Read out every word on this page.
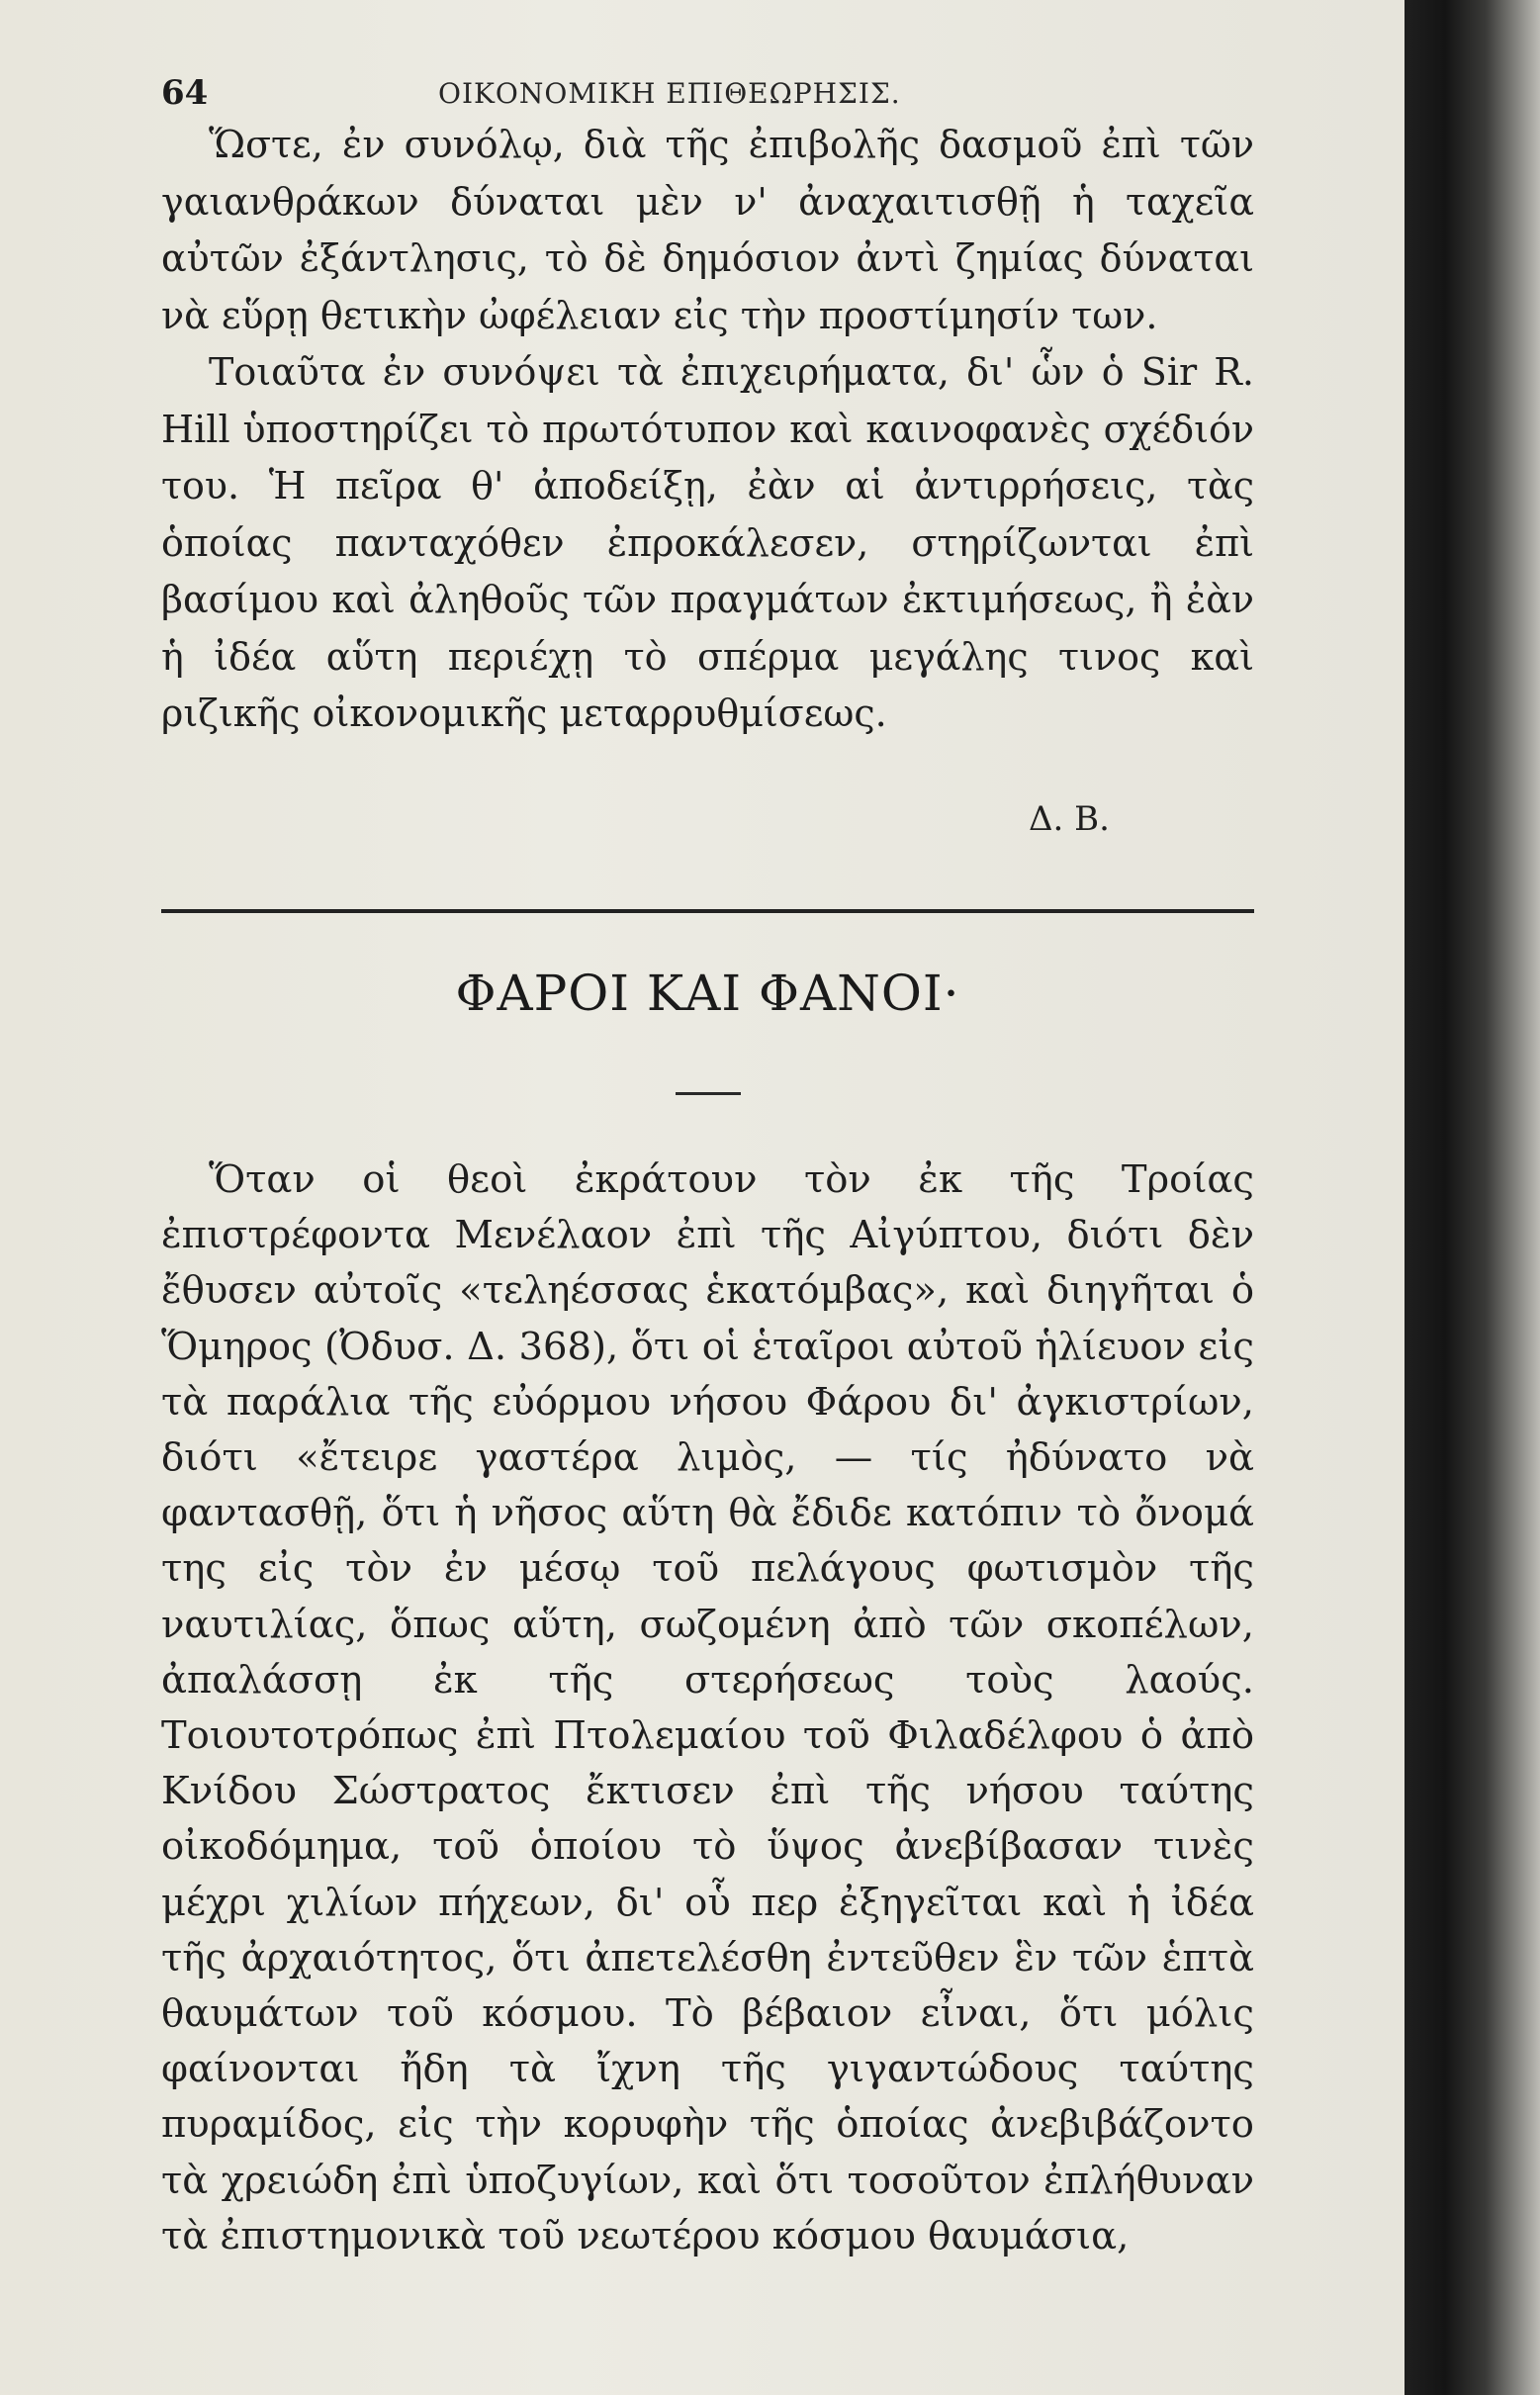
64	ΟΙΚΟΝΟΜΙΚΗ ΕΠΙΘΕΩΡΗΣΙΣ.

Ὥστε, ἐν συνόλῳ, διὰ τῆς ἐπιβολῆς δασμοῦ ἐπὶ τῶν γαιανθράκων δύναται μὲν ν' ἀναχαιτισθῇ ἡ ταχεῖα αὐτῶν ἐξάντλησις, τὸ δὲ δημόσιον ἀντὶ ζημίας δύναται νὰ εὕρῃ θετικὴν ὠφέλειαν εἰς τὴν προστίμησίν των.

Τοιαῦτα ἐν συνόψει τὰ ἐπιχειρήματα, δι' ὧν ὁ Sir R. Hill ὑποστηρίζει τὸ πρωτότυπον καὶ καινοφανὲς σχέδιόν του. Ἡ πεῖρα θ' ἀποδείξῃ, ἐὰν αἱ ἀντιρρήσεις, τὰς ὁποίας πανταχόθεν ἐπροκάλεσεν, στηρίζωνται ἐπὶ βασίμου καὶ ἀληθοῦς τῶν πραγμάτων ἐκτιμήσεως, ἢ ἐὰν ἡ ἰδέα αὕτη περιέχῃ τὸ σπέρμα μεγάλης τινος καὶ ριζικῆς οἰκονομικῆς μεταρρυθμίσεως.

Δ. Β.
ΦΑΡΟΙ ΚΑΙ ΦΑΝΟΙ·

Ὅταν οἱ θεοὶ ἐκράτουν τὸν ἐκ τῆς Τροίας ἐπιστρέφοντα Μενέλαον ἐπὶ τῆς Αἰγύπτου, διότι δὲν ἔθυσεν αὐτοῖς «τεληέσσας ἑκατόμβας», καὶ διηγῆται ὁ Ὅμηρος (Ὀδυσ. Δ. 368), ὅτι οἱ ἑταῖροι αὐτοῦ ἡλίευον εἰς τὰ παράλια τῆς εὐόρμου νήσου Φάρου δι' ἀγκιστρίων, διότι «ἔτειρε γαστέρα λιμὸς, — τίς ἠδύνατο νὰ φαντασθῇ, ὅτι ἡ νῆσος αὕτη θὰ ἔδιδε κατόπιν τὸ ὄνομά της εἰς τὸν ἐν μέσῳ τοῦ πελάγους φωτισμὸν τῆς ναυτιλίας, ὅπως αὕτη, σωζομένη ἀπὸ τῶν σκοπέλων, ἀπαλάσσῃ ἐκ τῆς στερήσεως τοὺς λαούς. Τοιουτοτρόπως ἐπὶ Πτολεμαίου τοῦ Φιλαδέλφου ὁ ἀπὸ Κνίδου Σώστρατος ἔκτισεν ἐπὶ τῆς νήσου ταύτης οἰκοδόμημα, τοῦ ὁποίου τὸ ὕψος ἀνεβίβασαν τινὲς μέχρι χιλίων πήχεων, δι' οὗ περ ἐξηγεῖται καὶ ἡ ἰδέα τῆς ἀρχαιότητος, ὅτι ἀπετελέσθη ἐντεῦθεν ἓν τῶν ἑπτὰ θαυμάτων τοῦ κόσμου. Τὸ βέβαιον εἶναι, ὅτι μόλις φαίνονται ἤδη τὰ ἴχνη τῆς γιγαντώδους ταύτης πυραμίδος, εἰς τὴν κορυφὴν τῆς ὁποίας ἀνεβιβάζοντο τὰ χρειώδη ἐπὶ ὑποζυγίων, καὶ ὅτι τοσοῦτον ἐπλήθυναν τὰ ἐπιστημονικὰ τοῦ νεωτέρου κόσμου θαυμάσια,
